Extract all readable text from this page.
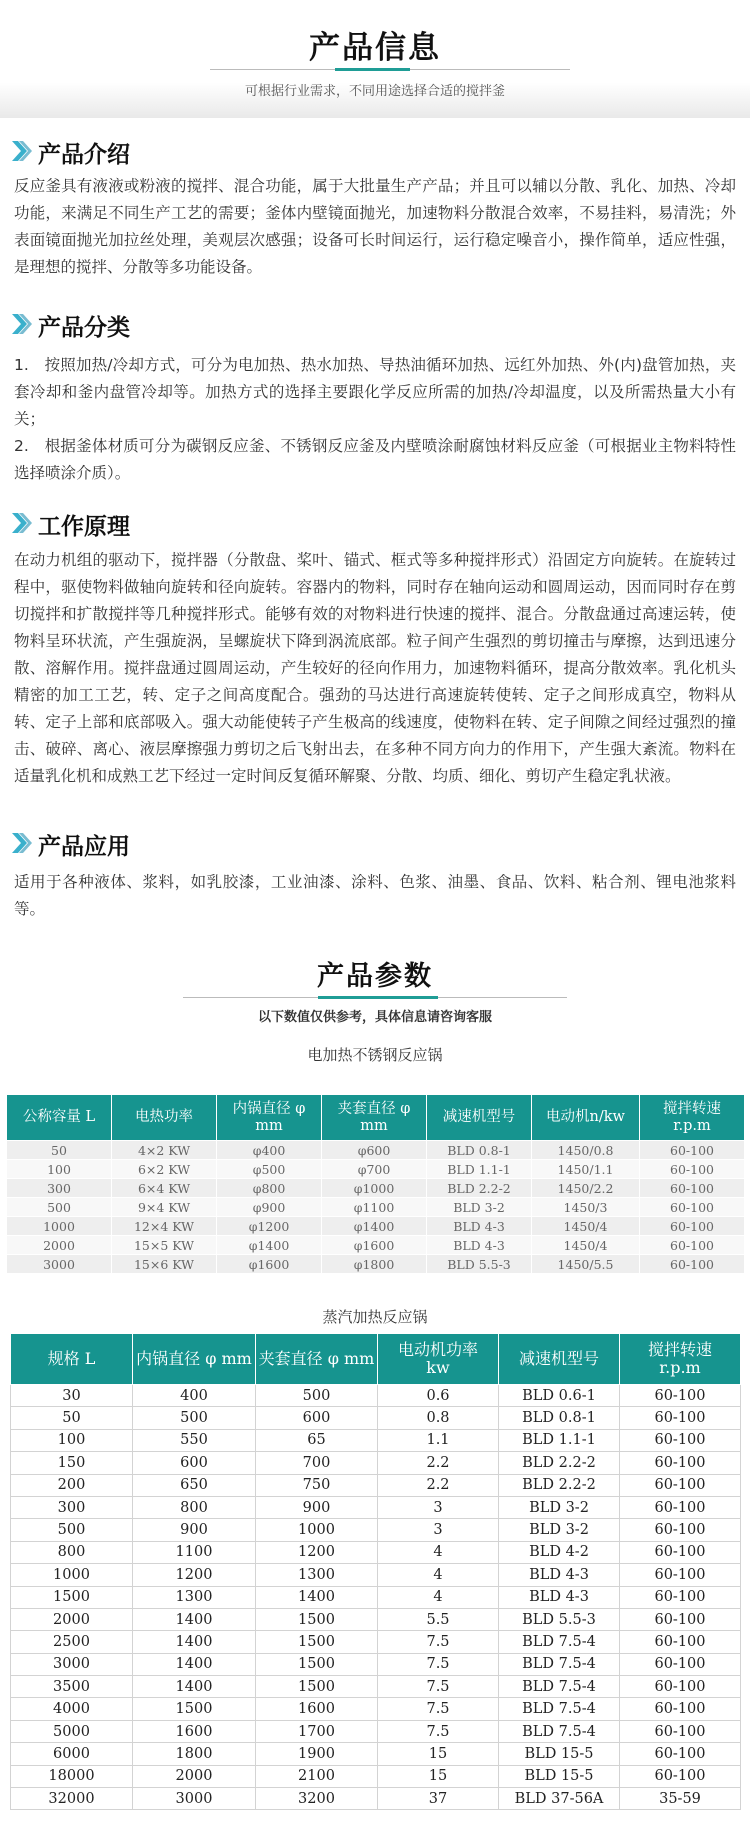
产品信息
可根据行业需求，不同用途选择合适的搅拌釜
产品介绍

反应釜具有液液或粉液的搅拌、混合功能，属于大批量生产产品；并且可以辅以分散、乳化、加热、冷却功能，来满足不同生产工艺的需要；釜体内壁镜面抛光，加速物料分散混合效率，不易挂料，易清洗；外表面镜面抛光加拉丝处理，美观层次感强；设备可长时间运行，运行稳定噪音小，操作简单，适应性强，是理想的搅拌、分散等多功能设备。

产品分类

1.　按照加热/冷却方式，可分为电加热、热水加热、导热油循环加热、远红外加热、外(内)盘管加热，夹套冷却和釜内盘管冷却等。加热方式的选择主要跟化学反应所需的加热/冷却温度，以及所需热量大小有关；

2.　根据釜体材质可分为碳钢反应釜、不锈钢反应釜及内壁喷涂耐腐蚀材料反应釜（可根据业主物料特性选择喷涂介质）。

工作原理

在动力机组的驱动下，搅拌器（分散盘、桨叶、锚式、框式等多种搅拌形式）沿固定方向旋转。在旋转过程中，驱使物料做轴向旋转和径向旋转。容器内的物料，同时存在轴向运动和圆周运动，因而同时存在剪切搅拌和扩散搅拌等几种搅拌形式。能够有效的对物料进行快速的搅拌、混合。分散盘通过高速运转，使物料呈环状流，产生强旋涡，呈螺旋状下降到涡流底部。粒子间产生强烈的剪切撞击与摩擦，达到迅速分散、溶解作用。搅拌盘通过圆周运动，产生较好的径向作用力，加速物料循环，提高分散效率。乳化机头精密的加工工艺，转、定子之间高度配合。强劲的马达进行高速旋转使转、定子之间形成真空，物料从转、定子上部和底部吸入。强大动能使转子产生极高的线速度，使物料在转、定子间隙之间经过强烈的撞击、破碎、离心、液层摩擦强力剪切之后飞射出去，在多种不同方向力的作用下，产生强大紊流。物料在适量乳化机和成熟工艺下经过一定时间反复循环解聚、分散、均质、细化、剪切产生稳定乳状液。

产品应用

适用于各种液体、浆料，如乳胶漆，工业油漆、涂料、色浆、油墨、食品、饮料、粘合剂、锂电池浆料等。

产品参数
以下数值仅供参考，具体信息请咨询客服
电加热不锈钢反应锅
公称容量 L	电热功率	内锅直径 φ mm	夹套直径 φ mm	减速机型号	电动机n/kw	搅拌转速
r.p.m
50	4×2 KW	φ400	φ600	BLD 0.8-1	1450/0.8	60-100
100	6×2 KW	φ500	φ700	BLD 1.1-1	1450/1.1	60-100
300	6×4 KW	φ800	φ1000	BLD 2.2-2	1450/2.2	60-100
500	9×4 KW	φ900	φ1100	BLD 3-2	1450/3	60-100
1000	12×4 KW	φ1200	φ1400	BLD 4-3	1450/4	60-100
2000	15×5 KW	φ1400	φ1600	BLD 4-3	1450/4	60-100
3000	15×6 KW	φ1600	φ1800	BLD 5.5-3	1450/5.5	60-100
蒸汽加热反应锅
规格 L	内锅直径 φ mm	夹套直径 φ mm	电动机功率
kw	减速机型号	搅拌转速
r.p.m
30	400	500	0.6	BLD 0.6-1	60-100
50	500	600	0.8	BLD 0.8-1	60-100
100	550	65	1.1	BLD 1.1-1	60-100
150	600	700	2.2	BLD 2.2-2	60-100
200	650	750	2.2	BLD 2.2-2	60-100
300	800	900	3	BLD 3-2	60-100
500	900	1000	3	BLD 3-2	60-100
800	1100	1200	4	BLD 4-2	60-100
1000	1200	1300	4	BLD 4-3	60-100
1500	1300	1400	4	BLD 4-3	60-100
2000	1400	1500	5.5	BLD 5.5-3	60-100
2500	1400	1500	7.5	BLD 7.5-4	60-100
3000	1400	1500	7.5	BLD 7.5-4	60-100
3500	1400	1500	7.5	BLD 7.5-4	60-100
4000	1500	1600	7.5	BLD 7.5-4	60-100
5000	1600	1700	7.5	BLD 7.5-4	60-100
6000	1800	1900	15	BLD 15-5	60-100
18000	2000	2100	15	BLD 15-5	60-100
32000	3000	3200	37	BLD 37-56A	35-59
